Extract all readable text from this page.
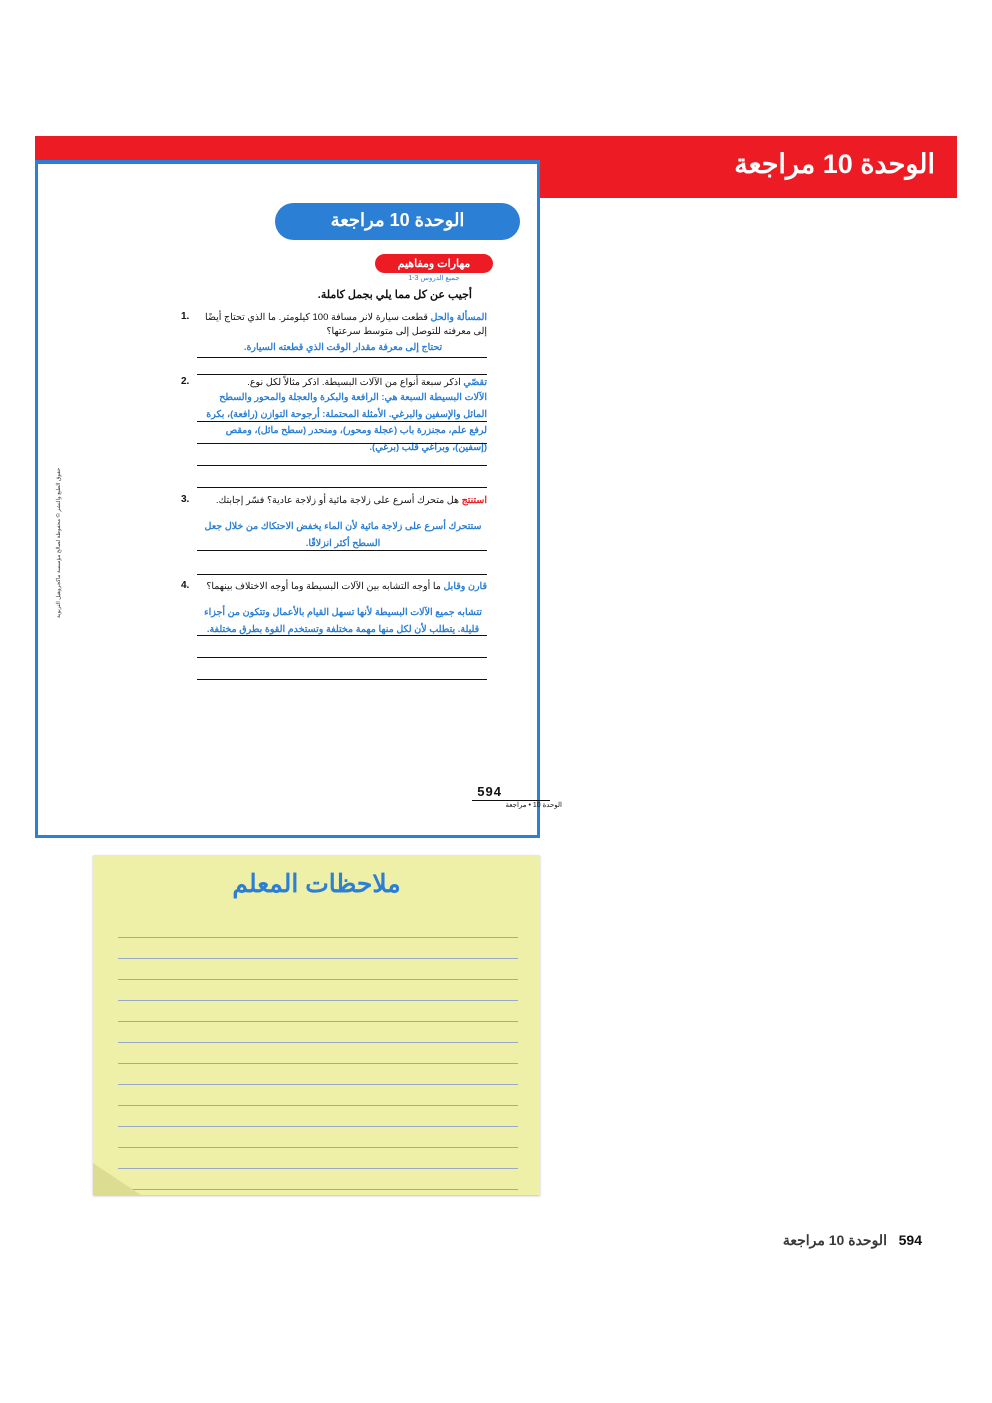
الوحدة 10 مراجعة
الوحدة 10 مراجعة
مهارات ومفاهيم
جميع الدروس 3-1
أجيب عن كل مما يلي بجمل كاملة.
1.	المسألة والحل قطعت سيارة لانر مسافة 100 كيلومتر. ما الذي تحتاج أيضًا إلى معرفته للتوصل إلى متوسط سرعتها؟
تحتاج إلى معرفة مقدار الوقت الذي قطعته السيارة.
2.	تقصّي اذكر سبعة أنواع من الآلات البسيطة. اذكر مثالاً لكل نوع.
الآلات البسيطة السبعة هي: الرافعة والبكرة والعجلة والمحور والسطح المائل والإسفين والبرغي. الأمثلة المحتملة: أرجوحة التوازن (رافعة)، بكرة لرفع علم، مجنزرة باب (عجلة ومحور)، ومنحدر (سطح مائل)، ومقص (إسفين)، وبراغي قلب (برغي).
3.	استنتج هل متحرك أسرع على زلاجة مائية أو زلاجة عادية؟ فسّر إجابتك.
ستتحرك أسرع على زلاجة مائية لأن الماء يخفض الاحتكاك من خلال جعل السطح أكثر انزلاقًا.
4.	قارن وقابل ما أوجه التشابه بين الآلات البسيطة وما أوجه الاختلاف بينهما؟
تتشابه جميع الآلات البسيطة لأنها تسهل القيام بالأعمال وتتكون من أجزاء قليلة. يتطلب لأن لكل منها مهمة مختلفة وتستخدم القوة بطرق مختلفة.
594
الوحدة 10 • مراجعة
حقوق الطبع والنشر © محفوظة لصالح مؤسسة ماكجروهيل التربوية
ملاحظات المعلم
594   الوحدة 10 مراجعة
